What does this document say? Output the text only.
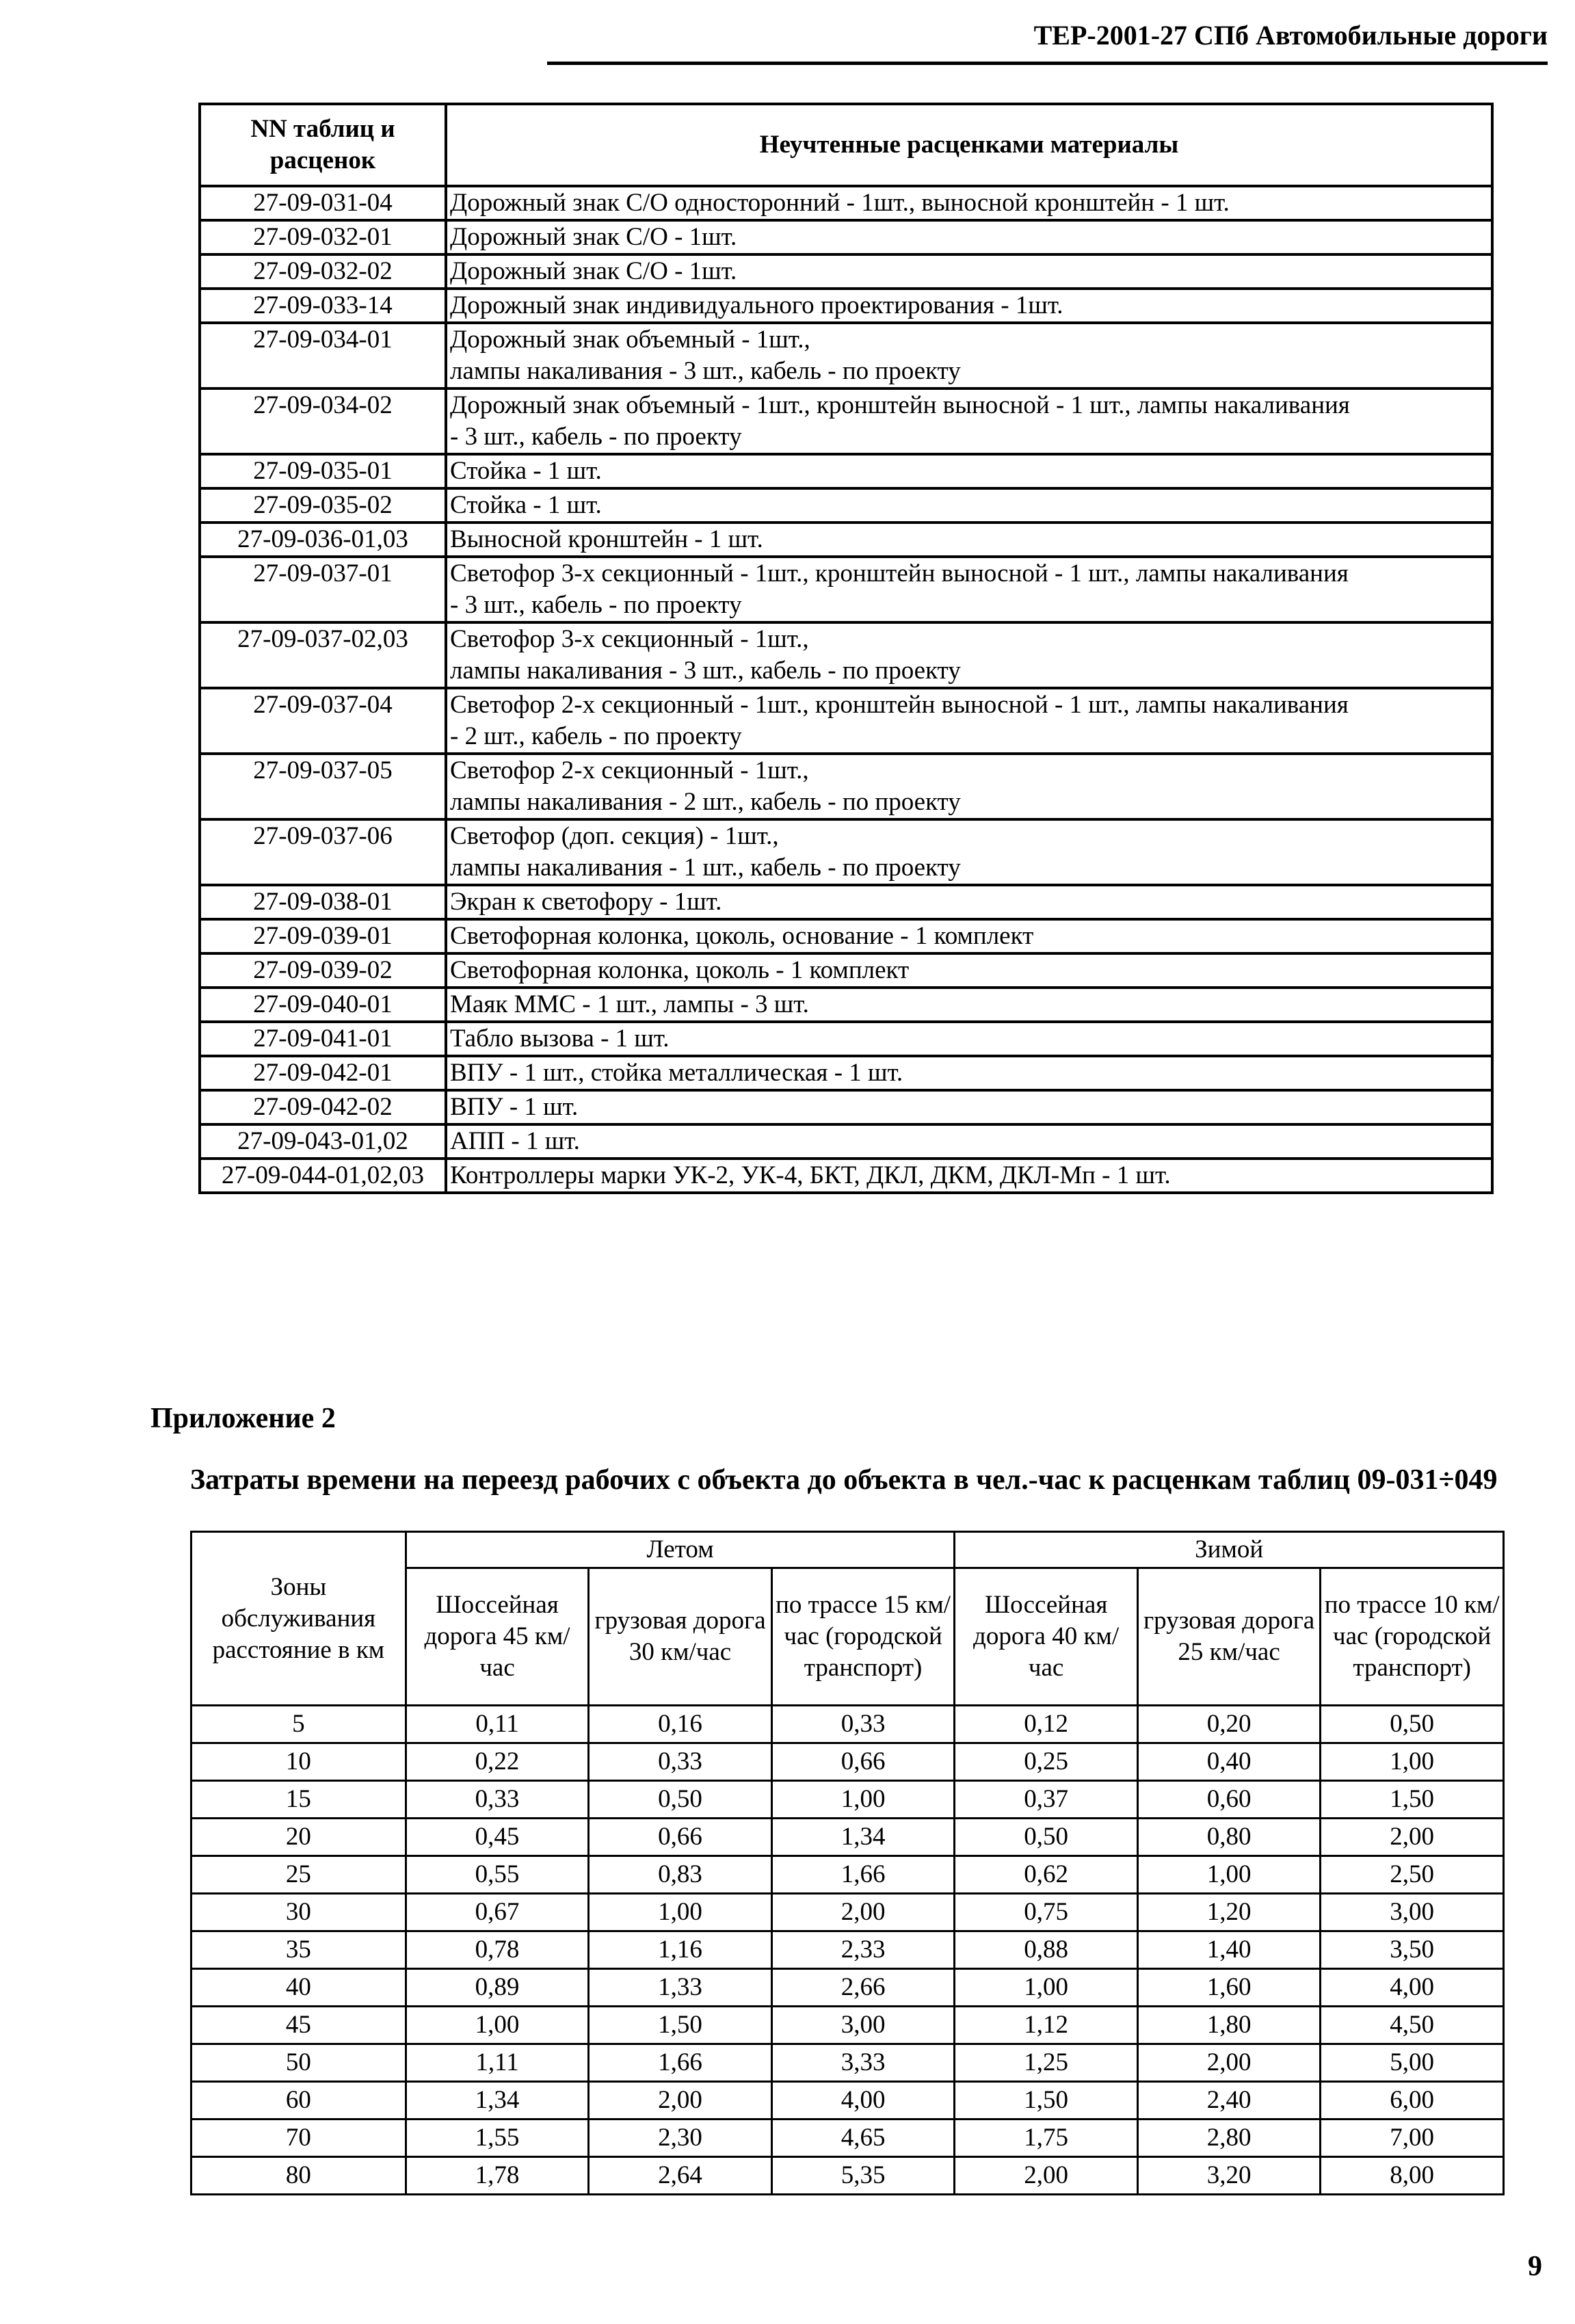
ТЕР-2001-27 СПб Автомобильные дороги
NN таблиц и расценок	Неучтенные расценками материалы
27-09-031-04	Дорожный знак С/О односторонний - 1шт., выносной кронштейн - 1 шт.
27-09-032-01	Дорожный знак С/О - 1шт.
27-09-032-02	Дорожный знак С/О - 1шт.
27-09-033-14	Дорожный знак индивидуального проектирования - 1шт.
27-09-034-01	Дорожный знак объемный - 1шт.,
лампы накаливания - 3 шт., кабель - по проекту
27-09-034-02	Дорожный знак объемный - 1шт., кронштейн выносной - 1 шт., лампы накаливания
- 3 шт., кабель - по проекту
27-09-035-01	Стойка - 1 шт.
27-09-035-02	Стойка - 1 шт.
27-09-036-01,03	Выносной кронштейн - 1 шт.
27-09-037-01	Светофор 3-х секционный - 1шт., кронштейн выносной - 1 шт., лампы накаливания
- 3 шт., кабель - по проекту
27-09-037-02,03	Светофор 3-х секционный - 1шт.,
лампы накаливания - 3 шт., кабель - по проекту
27-09-037-04	Светофор 2-х секционный - 1шт., кронштейн выносной - 1 шт., лампы накаливания
- 2 шт., кабель - по проекту
27-09-037-05	Светофор 2-х секционный - 1шт.,
лампы накаливания - 2 шт., кабель - по проекту
27-09-037-06	Светофор (доп. секция) - 1шт.,
лампы накаливания - 1 шт., кабель - по проекту
27-09-038-01	Экран к светофору - 1шт.
27-09-039-01	Светофорная колонка, цоколь, основание - 1 комплект
27-09-039-02	Светофорная колонка, цоколь - 1 комплект
27-09-040-01	Маяк ММС - 1 шт., лампы - 3 шт.
27-09-041-01	Табло вызова - 1 шт.
27-09-042-01	ВПУ - 1 шт., стойка металлическая - 1 шт.
27-09-042-02	ВПУ - 1 шт.
27-09-043-01,02	АПП - 1 шт.
27-09-044-01,02,03	Контроллеры марки УК-2, УК-4, БКТ, ДКЛ, ДКМ, ДКЛ-Мп - 1 шт.
Приложение 2
Затраты времени на переезд рабочих с объекта до объекта в чел.-час к расценкам таблиц 09-031÷049
Зоны обслуживания расстояние в км	Летом			Зимой		
	Шоссейная дорога 45 км/час	грузовая дорога 30 км/час	по трассе 15 км/час (городской транспорт)	Шоссейная дорога 40 км/час	грузовая дорога 25 км/час	по трассе 10 км/час (городской транспорт)
5	0,11	0,16	0,33	0,12	0,20	0,50
10	0,22	0,33	0,66	0,25	0,40	1,00
15	0,33	0,50	1,00	0,37	0,60	1,50
20	0,45	0,66	1,34	0,50	0,80	2,00
25	0,55	0,83	1,66	0,62	1,00	2,50
30	0,67	1,00	2,00	0,75	1,20	3,00
35	0,78	1,16	2,33	0,88	1,40	3,50
40	0,89	1,33	2,66	1,00	1,60	4,00
45	1,00	1,50	3,00	1,12	1,80	4,50
50	1,11	1,66	3,33	1,25	2,00	5,00
60	1,34	2,00	4,00	1,50	2,40	6,00
70	1,55	2,30	4,65	1,75	2,80	7,00
80	1,78	2,64	5,35	2,00	3,20	8,00
9
